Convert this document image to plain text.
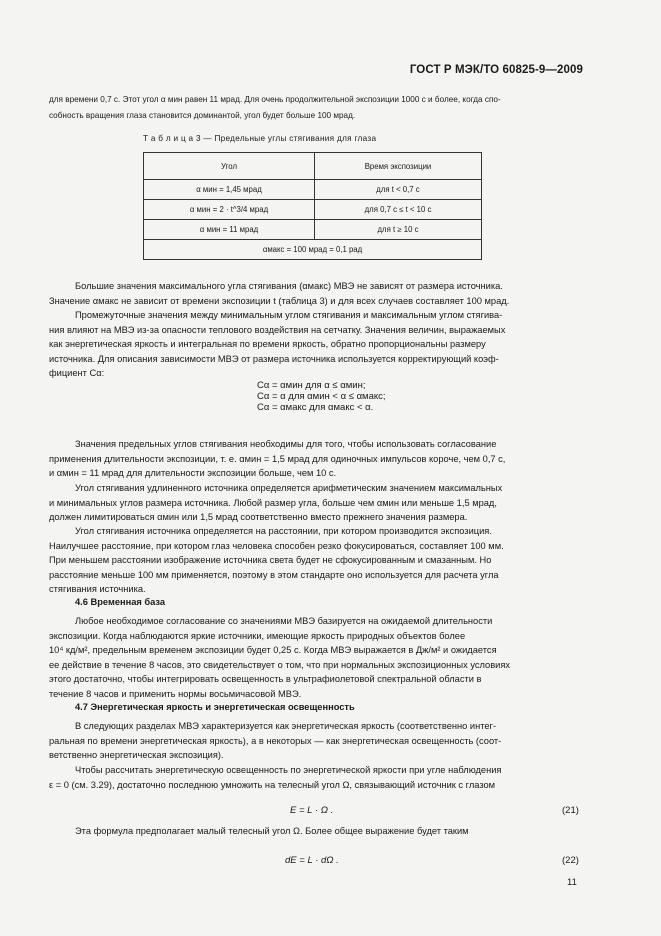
ГОСТ Р МЭК/ТО 60825-9—2009
для времени 0,7 с. Этот угол α мин равен 11 мрад. Для очень продолжительной экспозиции 1000 с и более, когда спо-
собность вращения глаза становится доминантой, угол будет больше 100 мрад.
Т а б л и ц а 3 — Предельные углы стягивания для глаза
Угол	Время экспозиции
α мин = 1,45 мрад	для t < 0,7 с
α мин = 2 · t^3/4 мрад	для 0,7 с ≤ t < 10 с
α мин = 11 мрад	для t ≥ 10 с
αмакс = 100 мрад = 0,1 рад	
Большие значения максимального угла стягивания (αмакс) МВЭ не зависят от размера источника.
Значение αмакс не зависит от времени экспозиции t (таблица 3) и для всех случаев составляет 100 мрад.
Промежуточные значения между минимальным углом стягивания и максимальным углом стягива-
ния влияют на МВЭ из-за опасности теплового воздействия на сетчатку. Значения величин, выражаемых
как энергетическая яркость и интегральная по времени яркость, обратно пропорциональны размеру
источника. Для описания зависимости МВЭ от размера источника используется корректирующий коэф-
фициент Cα:
Cα = αмин для α ≤ αмин;
Cα = α для αмин < α ≤ αмакс;
Cα = αмакс для αмакс < α.
Значения предельных углов стягивания необходимы для того, чтобы использовать согласование
применения длительности экспозиции, т. е. αмин = 1,5 мрад для одиночных импульсов короче, чем 0,7 с,
и αмин = 11 мрад для длительности экспозиции больше, чем 10 с.
Угол стягивания удлиненного источника определяется арифметическим значением максимальных
и минимальных углов размера источника. Любой размер угла, больше чем αмин или меньше 1,5 мрад,
должен лимитироваться αмин или 1,5 мрад соответственно вместо прежнего значения размера.
Угол стягивания источника определяется на расстоянии, при котором производится экспозиция.
Наилучшее расстояние, при котором глаз человека способен резко фокусироваться, составляет 100 мм.
При меньшем расстоянии изображение источника света будет не сфокусированным и смазанным. Но
расстояние меньше 100 мм применяется, поэтому в этом стандарте оно используется для расчета угла
стягивания источника.
4.6 Временная база
Любое необходимое согласование со значениями МВЭ базируется на ожидаемой длительности
экспозиции. Когда наблюдаются яркие источники, имеющие яркость природных объектов более
10⁴ кд/м², предельным временем экспозиции будет 0,25 с. Когда МВЭ выражается в Дж/м² и ожидается
ее действие в течение 8 часов, это свидетельствует о том, что при нормальных экспозиционных условиях
этого достаточно, чтобы интегрировать освещенность в ультрафиолетовой спектральной области в
течение 8 часов и применить нормы восьмичасовой МВЭ.
4.7 Энергетическая яркость и энергетическая освещенность
В следующих разделах МВЭ характеризуется как энергетическая яркость (соответственно интег-
ральная по времени энергетическая яркость), а в некоторых — как энергетическая освещенность (соот-
ветственно энергетическая экспозиция).
Чтобы рассчитать энергетическую освещенность по энергетической яркости при угле наблюдения
ε = 0 (см. 3.29), достаточно последнюю умножить на телесный угол Ω, связывающий источник с глазом
E = L · Ω .	(21)
Эта формула предполагает малый телесный угол Ω. Более общее выражение будет таким
dE = L · dΩ .	(22)
11
